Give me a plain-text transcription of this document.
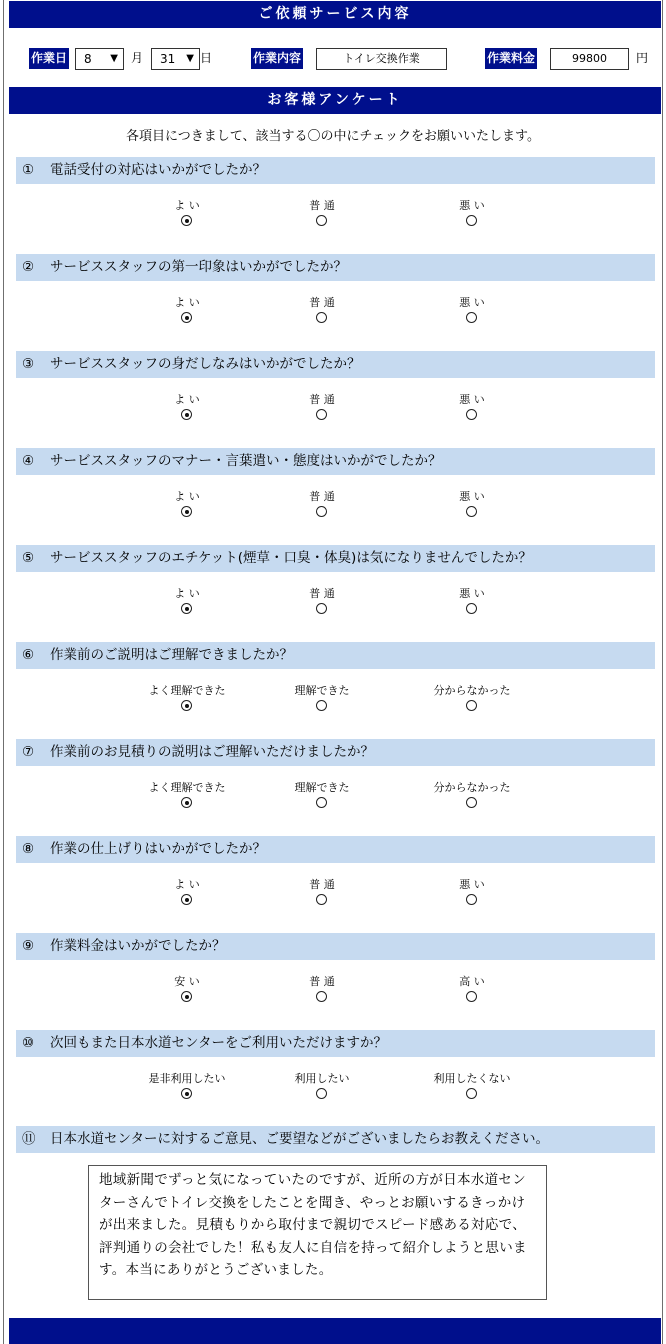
ご依頼サービス内容
作業日	8 ▼ 月	31 ▼ 日	作業内容	トイレ交換作業	作業料金	99800	円
お客様アンケート
各項目につきまして、該当する〇の中にチェックをお願いいたします。
① 電話受付の対応はいかがでしたか？
よ い	普 通	悪 い
② サービススタッフの第一印象はいかがでしたか？
よ い	普 通	悪 い
③ サービススタッフの身だしなみはいかがでしたか？
よ い	普 通	悪 い
④ サービススタッフのマナー・言葉遣い・態度はいかがでしたか？
よ い	普 通	悪 い
⑤ サービススタッフのエチケット(煙草・口臭・体臭)は気になりませんでしたか？
よ い	普 通	悪 い
⑥ 作業前のご説明はご理解できましたか？
よく理解できた	理解できた	分からなかった
⑦ 作業前のお見積りの説明はご理解いただけましたか？
よく理解できた	理解できた	分からなかった
⑧ 作業の仕上げりはいかがでしたか？
よ い	普 通	悪 い
⑨ 作業料金はいかがでしたか？
安 い	普 通	高 い
⑩ 次回もまた日本水道センターをご利用いただけますか？
是非利用したい	利用したい	利用したくない
⑪ 日本水道センターに対するご意見、ご要望などがございましたらお教えください。
地域新聞でずっと気になっていたのですが、近所の方が日本水道センターさんでトイレ交換をしたことを聞き、やっとお願いするきっかけが出来ました。見積もりから取付まで親切でスピード感ある対応で、評判通りの会社でした！私も友人に自信を持って紹介しようと思います。本当にありがとうございました。
